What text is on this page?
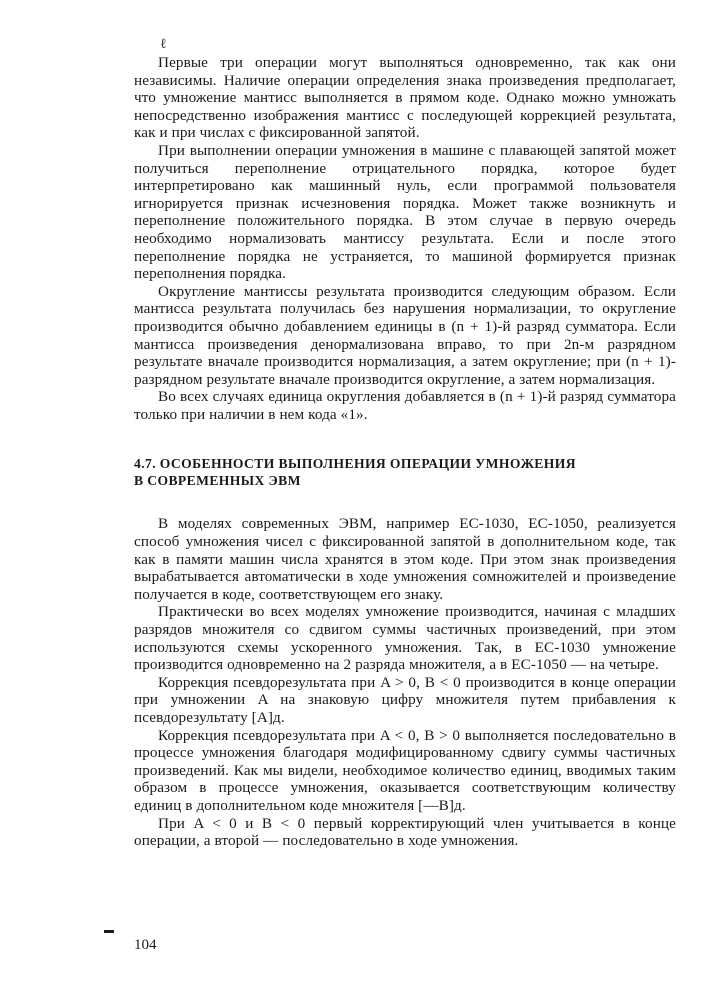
ℓ

Первые три операции могут выполняться одновременно, так как они независимы. Наличие операции определения знака произведения предполагает, что умножение мантисс выполняется в прямом коде. Однако можно умножать непосредственно изображения мантисс с последующей коррекцией результата, как и при числах с фиксированной запятой.

При выполнении операции умножения в машине с плавающей запятой может получиться переполнение отрицательного порядка, которое будет интерпретировано как машинный нуль, если программой пользователя игнорируется признак исчезновения порядка. Может также возникнуть и переполнение положительного порядка. В этом случае в первую очередь необходимо нормализовать мантиссу результата. Если и после этого переполнение порядка не устраняется, то машиной формируется признак переполнения порядка.

Округление мантиссы результата производится следующим образом. Если мантисса результата получилась без нарушения нормализации, то округление производится обычно добавлением единицы в (n + 1)-й разряд сумматора. Если мантисса произведения денормализована вправо, то при 2n-м разрядном результате вначале производится нормализация, а затем округление; при (n + 1)-разрядном результате вначале производится округление, а затем нормализация.

Во всех случаях единица округления добавляется в (n + 1)-й разряд сумматора только при наличии в нем кода «1».

4.7. ОСОБЕННОСТИ ВЫПОЛНЕНИЯ ОПЕРАЦИИ УМНОЖЕНИЯ
В СОВРЕМЕННЫХ ЭВМ

В моделях современных ЭВМ, например ЕС-1030, ЕС-1050, реализуется способ умножения чисел с фиксированной запятой в дополнительном коде, так как в памяти машин числа хранятся в этом коде. При этом знак произведения вырабатывается автоматически в ходе умножения сомножителей и произведение получается в коде, соответствующем его знаку.

Практически во всех моделях умножение производится, начиная с младших разрядов множителя со сдвигом суммы частичных произведений, при этом используются схемы ускоренного умножения. Так, в ЕС-1030 умножение производится одновременно на 2 разряда множителя, а в ЕС-1050 — на четыре.

Коррекция псевдорезультата при A > 0, B < 0 производится в конце операции при умножении A на знаковую цифру множителя путем прибавления к псевдорезультату [A]д.

Коррекция псевдорезультата при A < 0, B > 0 выполняется последовательно в процессе умножения благодаря модифицированному сдвигу суммы частичных произведений. Как мы видели, необходимое количество единиц, вводимых таким образом в процессе умножения, оказывается соответствующим количеству единиц в дополнительном коде множителя [—B]д.

При A < 0 и B < 0 первый корректирующий член учитывается в конце операции, а второй — последовательно в ходе умножения.

104
